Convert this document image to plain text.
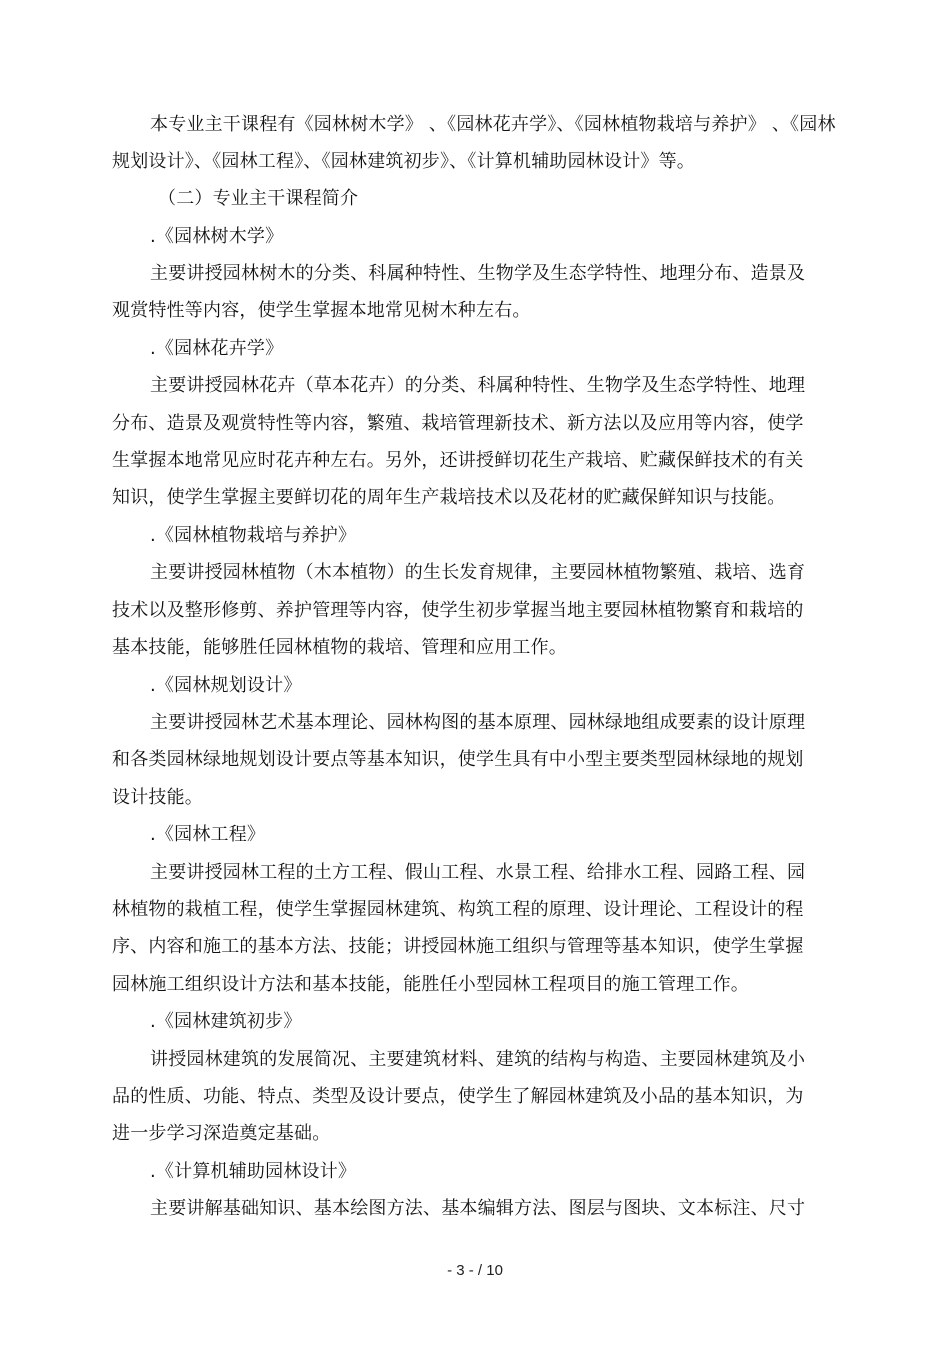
本专业主干课程有《园林树木学》 、《园林花卉学》、《园林植物栽培与养护》 、《园林
规划设计》、《园林工程》、《园林建筑初步》、《计算机辅助园林设计》等。
（二）专业主干课程简介
.《园林树木学》
主要讲授园林树木的分类、科属种特性、生物学及生态学特性、地理分布、造景及
观赏特性等内容，使学生掌握本地常见树木种左右。
.《园林花卉学》
主要讲授园林花卉（草本花卉）的分类、科属种特性、生物学及生态学特性、地理
分布、造景及观赏特性等内容，繁殖、栽培管理新技术、新方法以及应用等内容，使学
生掌握本地常见应时花卉种左右。另外，还讲授鲜切花生产栽培、贮藏保鲜技术的有关
知识，使学生掌握主要鲜切花的周年生产栽培技术以及花材的贮藏保鲜知识与技能。
.《园林植物栽培与养护》
主要讲授园林植物（木本植物）的生长发育规律，主要园林植物繁殖、栽培、选育
技术以及整形修剪、养护管理等内容，使学生初步掌握当地主要园林植物繁育和栽培的
基本技能，能够胜任园林植物的栽培、管理和应用工作。
.《园林规划设计》
主要讲授园林艺术基本理论、园林构图的基本原理、园林绿地组成要素的设计原理
和各类园林绿地规划设计要点等基本知识，使学生具有中小型主要类型园林绿地的规划
设计技能。
.《园林工程》
主要讲授园林工程的土方工程、假山工程、水景工程、给排水工程、园路工程、园
林植物的栽植工程，使学生掌握园林建筑、构筑工程的原理、设计理论、工程设计的程
序、内容和施工的基本方法、技能；讲授园林施工组织与管理等基本知识，使学生掌握
园林施工组织设计方法和基本技能，能胜任小型园林工程项目的施工管理工作。
.《园林建筑初步》
讲授园林建筑的发展简况、主要建筑材料、建筑的结构与构造、主要园林建筑及小
品的性质、功能、特点、类型及设计要点，使学生了解园林建筑及小品的基本知识，为
进一步学习深造奠定基础。
.《计算机辅助园林设计》
主要讲解基础知识、基本绘图方法、基本编辑方法、图层与图块、文本标注、尺寸
- 3 - / 10
